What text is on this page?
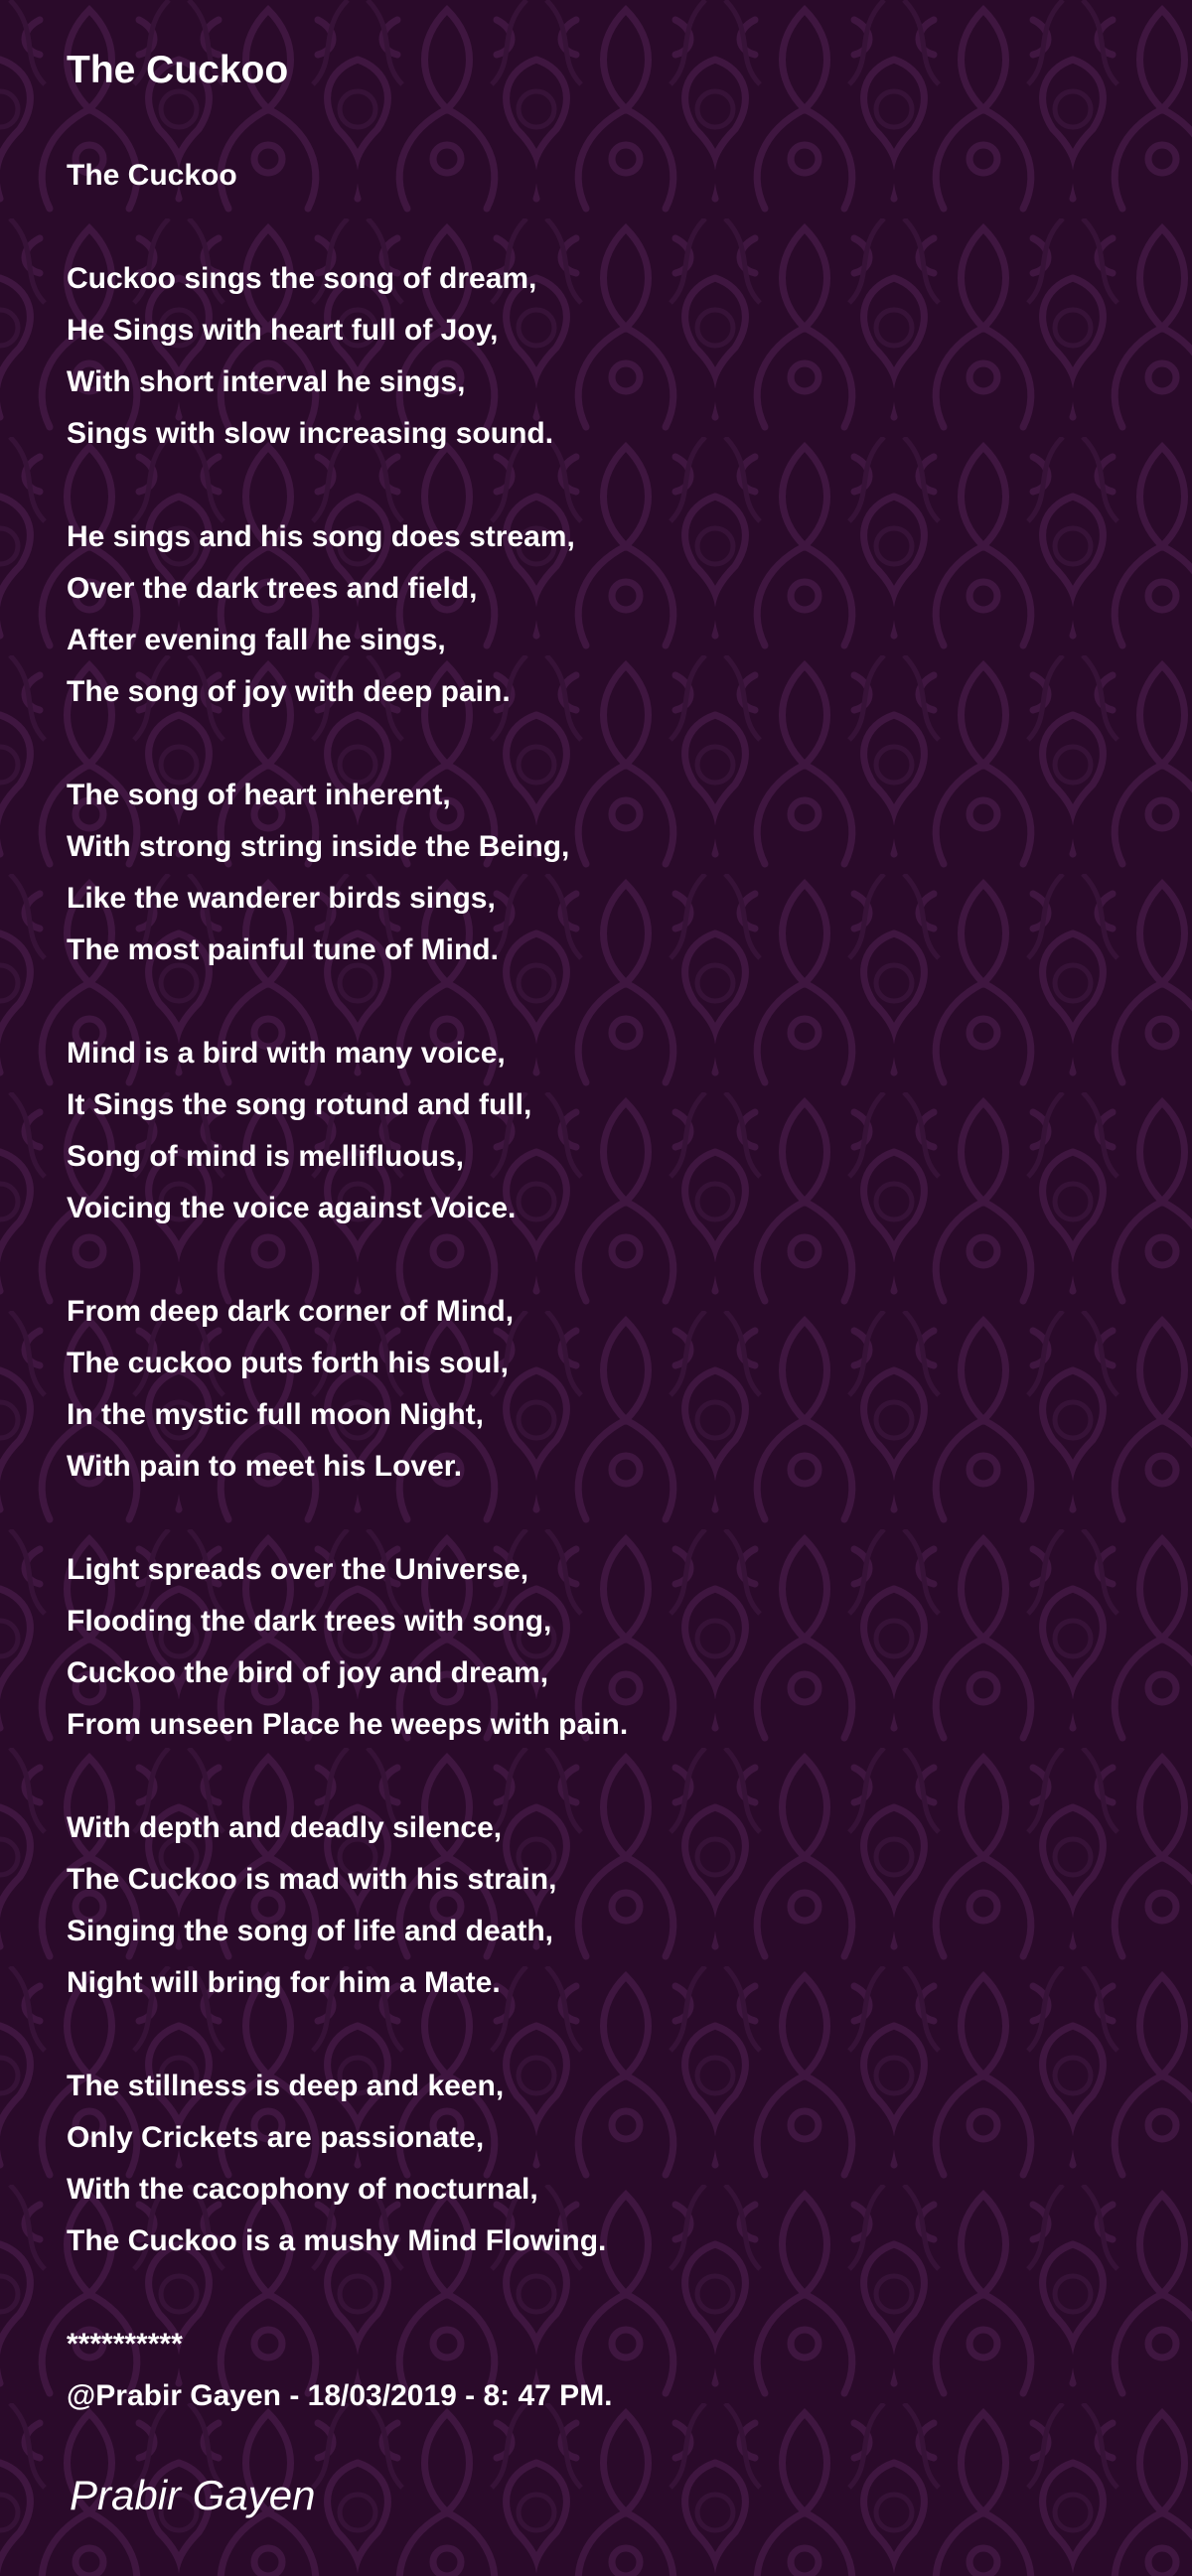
The Cuckoo
The Cuckoo
Cuckoo sings the song of dream,
He Sings with heart full of Joy,
With short interval he sings,
Sings with slow increasing sound.
He sings and his song does stream,
Over the dark trees and field,
After evening fall he sings,
The song of joy with deep pain.
The song of heart inherent,
With strong string inside the Being,
Like the wanderer birds sings,
The most painful tune of Mind.
Mind is a bird with many voice,
It Sings the song rotund and full,
Song of mind is mellifluous,
Voicing the voice against Voice.
From deep dark corner of Mind,
The cuckoo puts forth his soul,
In the mystic full moon Night,
With pain to meet his Lover.
Light spreads over the Universe,
Flooding the dark trees with song,
Cuckoo the bird of joy and dream,
From unseen Place he weeps with pain.
With depth and deadly silence,
The Cuckoo is mad with his strain,
Singing the song of life and death,
Night will bring for him a Mate.
The stillness is deep and keen,
Only Crickets are passionate,
With the cacophony of nocturnal,
The Cuckoo is a mushy Mind Flowing.
**********
@Prabir Gayen - 18/03/2019 - 8: 47 PM.
Prabir Gayen
